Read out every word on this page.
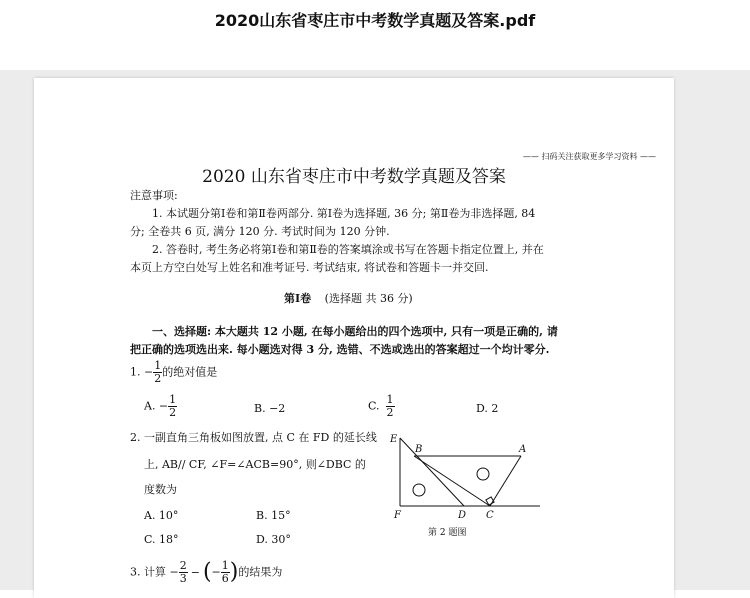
2020山东省枣庄市中考数学真题及答案.pdf
—— 扫码关注获取更多学习资料 ——
2020 山东省枣庄市中考数学真题及答案
注意事项:
1. 本试题分第Ⅰ卷和第Ⅱ卷两部分. 第Ⅰ卷为选择题, 36 分; 第Ⅱ卷为非选择题, 84
分; 全卷共 6 页, 满分 120 分. 考试时间为 120 分钟.
2. 答卷时, 考生务必将第Ⅰ卷和第Ⅱ卷的答案填涂或书写在答题卡指定位置上, 并在
本页上方空白处写上姓名和准考证号. 考试结束, 将试卷和答题卡一并交回.
第Ⅰ卷 (选择题 共 36 分)
一、选择题: 本大题共 12 小题, 在每小题给出的四个选项中, 只有一项是正确的, 请
把正确的选项选出来. 每小题选对得 3 分, 选错、不选或选出的答案超过一个均计零分.
1. − $\frac{1}{2}$ 的绝对值是
A. − $\frac{1}{2}$	B. −2	C. $\frac{1}{2}$	D. 2
2. 一副直角三角板如图放置, 点 C 在 FD 的延长线
上, AB// CF, ∠F=∠ACB=90°, 则∠DBC 的
度数为
A. 10°	B. 15°
C. 18°	D. 30°
E
B	A
F	D C
第 2 题图
3. 计算 − $\frac{2}{3}$ − (− $\frac{1}{6}$ )的结果为
